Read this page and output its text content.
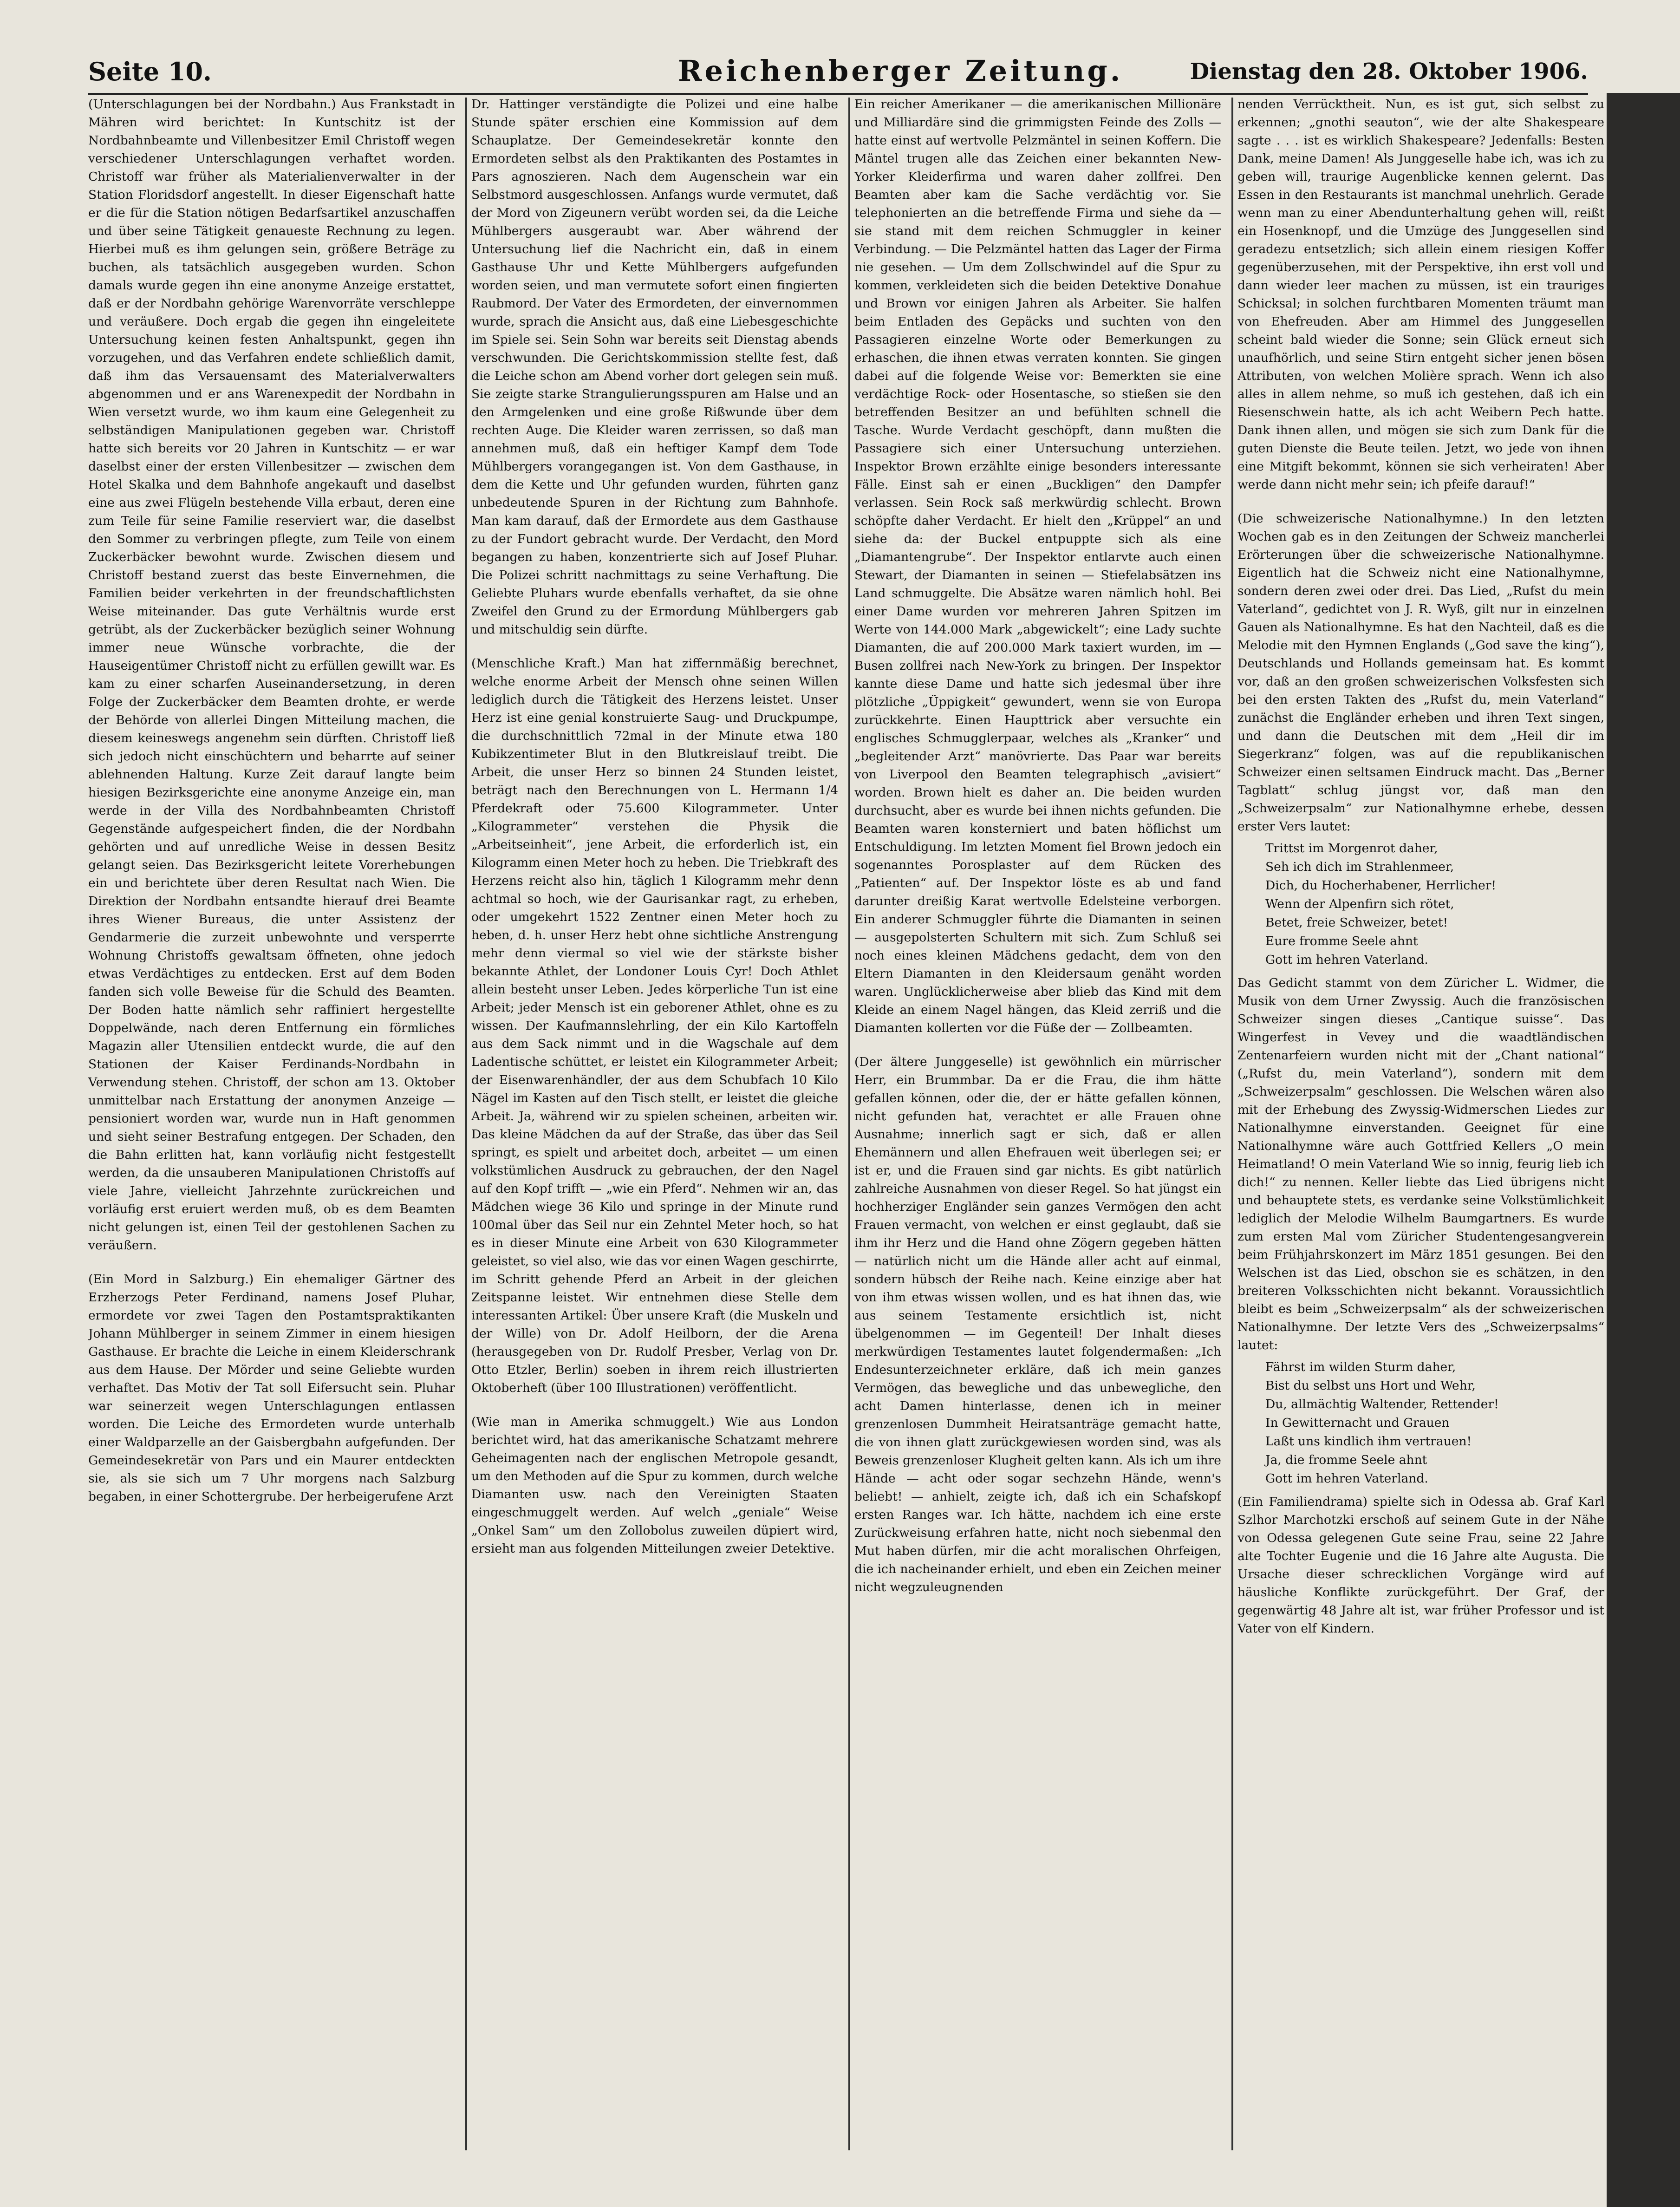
Seite 10.	Reichenberger Zeitung.	Dienstag den 28. Oktober 1906.

(Unterschlagungen bei der Nordbahn.) Aus Frankstadt in Mähren wird berichtet: In Kuntschitz ist der Nordbahnbeamte und Villenbesitzer Emil Christoff wegen verschiedener Unterschlagungen verhaftet worden. Christoff war früher als Materialienverwalter in der Station Floridsdorf angestellt. In dieser Eigenschaft hatte er die für die Station nötigen Bedarfsartikel anzuschaffen und über seine Tätigkeit genaueste Rechnung zu legen. Hierbei muß es ihm gelungen sein, größere Beträge zu buchen, als tatsächlich ausgegeben wurden. Schon damals wurde gegen ihn eine anonyme Anzeige erstattet, daß er der Nordbahn gehörige Warenvorräte verschleppe und veräußere. Doch ergab die gegen ihn eingeleitete Untersuchung keinen festen Anhaltspunkt, gegen ihn vorzugehen, und das Verfahren endete schließlich damit, daß ihm das Versauensamt des Materialverwalters abgenommen und er ans Warenexpedit der Nordbahn in Wien versetzt wurde, wo ihm kaum eine Gelegenheit zu selbständigen Manipulationen gegeben war. Christoff hatte sich bereits vor 20 Jahren in Kuntschitz — er war daselbst einer der ersten Villenbesitzer — zwischen dem Hotel Skalka und dem Bahnhofe angekauft und daselbst eine aus zwei Flügeln bestehende Villa erbaut, deren eine zum Teile für seine Familie reserviert war, die daselbst den Sommer zu verbringen pflegte, zum Teile von einem Zuckerbäcker bewohnt wurde. Zwischen diesem und Christoff bestand zuerst das beste Einvernehmen, die Familien beider verkehrten in der freundschaftlichsten Weise miteinander. Das gute Verhältnis wurde erst getrübt, als der Zuckerbäcker bezüglich seiner Wohnung immer neue Wünsche vorbrachte, die der Hauseigentümer Christoff nicht zu erfüllen gewillt war. Es kam zu einer scharfen Auseinandersetzung, in deren Folge der Zuckerbäcker dem Beamten drohte, er werde der Behörde von allerlei Dingen Mitteilung machen, die diesem keineswegs angenehm sein dürften. Christoff ließ sich jedoch nicht einschüchtern und beharrte auf seiner ablehnenden Haltung. Kurze Zeit darauf langte beim hiesigen Bezirksgerichte eine anonyme Anzeige ein, man werde in der Villa des Nordbahnbeamten Christoff Gegenstände aufgespeichert finden, die der Nordbahn gehörten und auf unredliche Weise in dessen Besitz gelangt seien. Das Bezirksgericht leitete Vorerhebungen ein und berichtete über deren Resultat nach Wien. Die Direktion der Nordbahn entsandte hierauf drei Beamte ihres Wiener Bureaus, die unter Assistenz der Gendarmerie die zurzeit unbewohnte und versperrte Wohnung Christoffs gewaltsam öffneten, ohne jedoch etwas Verdächtiges zu entdecken. Erst auf dem Boden fanden sich volle Beweise für die Schuld des Beamten. Der Boden hatte nämlich sehr raffiniert hergestellte Doppelwände, nach deren Entfernung ein förmliches Magazin aller Utensilien entdeckt wurde, die auf den Stationen der Kaiser Ferdinands-Nordbahn in Verwendung stehen. Christoff, der schon am 13. Oktober unmittelbar nach Erstattung der anonymen Anzeige — pensioniert worden war, wurde nun in Haft genommen und sieht seiner Bestrafung entgegen. Der Schaden, den die Bahn erlitten hat, kann vorläufig nicht festgestellt werden, da die unsauberen Manipulationen Christoffs auf viele Jahre, vielleicht Jahrzehnte zurückreichen und vorläufig erst eruiert werden muß, ob es dem Beamten nicht gelungen ist, einen Teil der gestohlenen Sachen zu veräußern.

(Ein Mord in Salzburg.) Ein ehemaliger Gärtner des Erzherzogs Peter Ferdinand, namens Josef Pluhar, ermordete vor zwei Tagen den Postamtspraktikanten Johann Mühlberger in seinem Zimmer in einem hiesigen Gasthause. Er brachte die Leiche in einem Kleiderschrank aus dem Hause. Der Mörder und seine Geliebte wurden verhaftet. Das Motiv der Tat soll Eifersucht sein. Pluhar war seinerzeit wegen Unterschlagungen entlassen worden. Die Leiche des Ermordeten wurde unterhalb einer Waldparzelle an der Gaisbergbahn aufgefunden. Der Gemeindesekretär von Pars und ein Maurer entdeckten sie, als sie sich um 7 Uhr morgens nach Salzburg begaben, in einer Schottergrube. Der herbeigerufene Arzt

Dr. Hattinger verständigte die Polizei und eine halbe Stunde später erschien eine Kommission auf dem Schauplatze. Der Gemeindesekretär konnte den Ermordeten selbst als den Praktikanten des Postamtes in Pars agnoszieren. Nach dem Augenschein war ein Selbstmord ausgeschlossen. Anfangs wurde vermutet, daß der Mord von Zigeunern verübt worden sei, da die Leiche Mühlbergers ausgeraubt war. Aber während der Untersuchung lief die Nachricht ein, daß in einem Gasthause Uhr und Kette Mühlbergers aufgefunden worden seien, und man vermutete sofort einen fingierten Raubmord. Der Vater des Ermordeten, der einvernommen wurde, sprach die Ansicht aus, daß eine Liebesgeschichte im Spiele sei. Sein Sohn war bereits seit Dienstag abends verschwunden. Die Gerichtskommission stellte fest, daß die Leiche schon am Abend vorher dort gelegen sein muß. Sie zeigte starke Strangulierungsspuren am Halse und an den Armgelenken und eine große Rißwunde über dem rechten Auge. Die Kleider waren zerrissen, so daß man annehmen muß, daß ein heftiger Kampf dem Tode Mühlbergers vorangegangen ist. Von dem Gasthause, in dem die Kette und Uhr gefunden wurden, führten ganz unbedeutende Spuren in der Richtung zum Bahnhofe. Man kam darauf, daß der Ermordete aus dem Gasthause zu der Fundort gebracht wurde. Der Verdacht, den Mord begangen zu haben, konzentrierte sich auf Josef Pluhar. Die Polizei schritt nachmittags zu seine Verhaftung. Die Geliebte Pluhars wurde ebenfalls verhaftet, da sie ohne Zweifel den Grund zu der Ermordung Mühlbergers gab und mitschuldig sein dürfte.

(Menschliche Kraft.) Man hat ziffernmäßig berechnet, welche enorme Arbeit der Mensch ohne seinen Willen lediglich durch die Tätigkeit des Herzens leistet. Unser Herz ist eine genial konstruierte Saug- und Druckpumpe, die durchschnittlich 72mal in der Minute etwa 180 Kubikzentimeter Blut in den Blutkreislauf treibt. Die Arbeit, die unser Herz so binnen 24 Stunden leistet, beträgt nach den Berechnungen von L. Hermann 1/4 Pferdekraft oder 75.600 Kilogrammeter. Unter „Kilogrammeter“ verstehen die Physik die „Arbeitseinheit“, jene Arbeit, die erforderlich ist, ein Kilogramm einen Meter hoch zu heben. Die Triebkraft des Herzens reicht also hin, täglich 1 Kilogramm mehr denn achtmal so hoch, wie der Gaurisankar ragt, zu erheben, oder umgekehrt 1522 Zentner einen Meter hoch zu heben, d. h. unser Herz hebt ohne sichtliche Anstrengung mehr denn viermal so viel wie der stärkste bisher bekannte Athlet, der Londoner Louis Cyr! Doch Athlet allein besteht unser Leben. Jedes körperliche Tun ist eine Arbeit; jeder Mensch ist ein geborener Athlet, ohne es zu wissen. Der Kaufmannslehrling, der ein Kilo Kartoffeln aus dem Sack nimmt und in die Wagschale auf dem Ladentische schüttet, er leistet ein Kilogrammeter Arbeit; der Eisenwarenhändler, der aus dem Schubfach 10 Kilo Nägel im Kasten auf den Tisch stellt, er leistet die gleiche Arbeit. Ja, während wir zu spielen scheinen, arbeiten wir. Das kleine Mädchen da auf der Straße, das über das Seil springt, es spielt und arbeitet doch, arbeitet — um einen volkstümlichen Ausdruck zu gebrauchen, der den Nagel auf den Kopf trifft — „wie ein Pferd“. Nehmen wir an, das Mädchen wiege 36 Kilo und springe in der Minute rund 100mal über das Seil nur ein Zehntel Meter hoch, so hat es in dieser Minute eine Arbeit von 630 Kilogrammeter geleistet, so viel also, wie das vor einen Wagen geschirrte, im Schritt gehende Pferd an Arbeit in der gleichen Zeitspanne leistet. Wir entnehmen diese Stelle dem interessanten Artikel: Über unsere Kraft (die Muskeln und der Wille) von Dr. Adolf Heilborn, der die Arena (herausgegeben von Dr. Rudolf Presber, Verlag von Dr. Otto Etzler, Berlin) soeben in ihrem reich illustrierten Oktoberheft (über 100 Illustrationen) veröffentlicht.

(Wie man in Amerika schmuggelt.) Wie aus London berichtet wird, hat das amerikanische Schatzamt mehrere Geheimagenten nach der englischen Metropole gesandt, um den Methoden auf die Spur zu kommen, durch welche Diamanten usw. nach den Vereinigten Staaten eingeschmuggelt werden. Auf welch „geniale“ Weise „Onkel Sam“ um den Zollobolus zuweilen düpiert wird, ersieht man aus folgenden Mitteilungen zweier Detektive.

Ein reicher Amerikaner — die amerikanischen Millionäre und Milliardäre sind die grimmigsten Feinde des Zolls — hatte einst auf wertvolle Pelzmäntel in seinen Koffern. Die Mäntel trugen alle das Zeichen einer bekannten New-Yorker Kleiderfirma und waren daher zollfrei. Den Beamten aber kam die Sache verdächtig vor. Sie telephonierten an die betreffende Firma und siehe da — sie stand mit dem reichen Schmuggler in keiner Verbindung. — Die Pelzmäntel hatten das Lager der Firma nie gesehen. — Um dem Zollschwindel auf die Spur zu kommen, verkleideten sich die beiden Detektive Donahue und Brown vor einigen Jahren als Arbeiter. Sie halfen beim Entladen des Gepäcks und suchten von den Passagieren einzelne Worte oder Bemerkungen zu erhaschen, die ihnen etwas verraten konnten. Sie gingen dabei auf die folgende Weise vor: Bemerkten sie eine verdächtige Rock- oder Hosentasche, so stießen sie den betreffenden Besitzer an und befühlten schnell die Tasche. Wurde Verdacht geschöpft, dann mußten die Passagiere sich einer Untersuchung unterziehen. Inspektor Brown erzählte einige besonders interessante Fälle. Einst sah er einen „Buckligen“ den Dampfer verlassen. Sein Rock saß merkwürdig schlecht. Brown schöpfte daher Verdacht. Er hielt den „Krüppel“ an und siehe da: der Buckel entpuppte sich als eine „Diamantengrube“. Der Inspektor entlarvte auch einen Stewart, der Diamanten in seinen — Stiefelabsätzen ins Land schmuggelte. Die Absätze waren nämlich hohl. Bei einer Dame wurden vor mehreren Jahren Spitzen im Werte von 144.000 Mark „abgewickelt“; eine Lady suchte Diamanten, die auf 200.000 Mark taxiert wurden, im — Busen zollfrei nach New-York zu bringen. Der Inspektor kannte diese Dame und hatte sich jedesmal über ihre plötzliche „Üppigkeit“ gewundert, wenn sie von Europa zurückkehrte. Einen Haupttrick aber versuchte ein englisches Schmugglerpaar, welches als „Kranker“ und „begleitender Arzt“ manövrierte. Das Paar war bereits von Liverpool den Beamten telegraphisch „avisiert“ worden. Brown hielt es daher an. Die beiden wurden durchsucht, aber es wurde bei ihnen nichts gefunden. Die Beamten waren konsterniert und baten höflichst um Entschuldigung. Im letzten Moment fiel Brown jedoch ein sogenanntes Porosplaster auf dem Rücken des „Patienten“ auf. Der Inspektor löste es ab und fand darunter dreißig Karat wertvolle Edelsteine verborgen. Ein anderer Schmuggler führte die Diamanten in seinen — ausgepolsterten Schultern mit sich. Zum Schluß sei noch eines kleinen Mädchens gedacht, dem von den Eltern Diamanten in den Kleidersaum genäht worden waren. Unglücklicherweise aber blieb das Kind mit dem Kleide an einem Nagel hängen, das Kleid zerriß und die Diamanten kollerten vor die Füße der — Zollbeamten.

(Der ältere Junggeselle) ist gewöhnlich ein mürrischer Herr, ein Brummbar. Da er die Frau, die ihm hätte gefallen können, oder die, der er hätte gefallen können, nicht gefunden hat, verachtet er alle Frauen ohne Ausnahme; innerlich sagt er sich, daß er allen Ehemännern und allen Ehefrauen weit überlegen sei; er ist er, und die Frauen sind gar nichts. Es gibt natürlich zahlreiche Ausnahmen von dieser Regel. So hat jüngst ein hochherziger Engländer sein ganzes Vermögen den acht Frauen vermacht, von welchen er einst geglaubt, daß sie ihm ihr Herz und die Hand ohne Zögern gegeben hätten — natürlich nicht um die Hände aller acht auf einmal, sondern hübsch der Reihe nach. Keine einzige aber hat von ihm etwas wissen wollen, und es hat ihnen das, wie aus seinem Testamente ersichtlich ist, nicht übelgenommen — im Gegenteil! Der Inhalt dieses merkwürdigen Testamentes lautet folgendermaßen: „Ich Endesunterzeichneter erkläre, daß ich mein ganzes Vermögen, das bewegliche und das unbewegliche, den acht Damen hinterlasse, denen ich in meiner grenzenlosen Dummheit Heiratsanträge gemacht hatte, die von ihnen glatt zurückgewiesen worden sind, was als Beweis grenzenloser Klugheit gelten kann. Als ich um ihre Hände — acht oder sogar sechzehn Hände, wenn's beliebt! — anhielt, zeigte ich, daß ich ein Schafskopf ersten Ranges war. Ich hätte, nachdem ich eine erste Zurückweisung erfahren hatte, nicht noch siebenmal den Mut haben dürfen, mir die acht moralischen Ohrfeigen, die ich nacheinander erhielt, und eben ein Zeichen meiner nicht wegzuleugnenden

nenden Verrücktheit. Nun, es ist gut, sich selbst zu erkennen; „gnothi seauton“, wie der alte Shakespeare sagte . . . ist es wirklich Shakespeare? Jedenfalls: Besten Dank, meine Damen! Als Junggeselle habe ich, was ich zu geben will, traurige Augenblicke kennen gelernt. Das Essen in den Restaurants ist manchmal unehrlich. Gerade wenn man zu einer Abendunterhaltung gehen will, reißt ein Hosenknopf, und die Umzüge des Junggesellen sind geradezu entsetzlich; sich allein einem riesigen Koffer gegenüberzusehen, mit der Perspektive, ihn erst voll und dann wieder leer machen zu müssen, ist ein trauriges Schicksal; in solchen furchtbaren Momenten träumt man von Ehefreuden. Aber am Himmel des Junggesellen scheint bald wieder die Sonne; sein Glück erneut sich unaufhörlich, und seine Stirn entgeht sicher jenen bösen Attributen, von welchen Molière sprach. Wenn ich also alles in allem nehme, so muß ich gestehen, daß ich ein Riesenschwein hatte, als ich acht Weibern Pech hatte. Dank ihnen allen, und mögen sie sich zum Dank für die guten Dienste die Beute teilen. Jetzt, wo jede von ihnen eine Mitgift bekommt, können sie sich verheiraten! Aber werde dann nicht mehr sein; ich pfeife darauf!“

(Die schweizerische Nationalhymne.) In den letzten Wochen gab es in den Zeitungen der Schweiz mancherlei Erörterungen über die schweizerische Nationalhymne. Eigentlich hat die Schweiz nicht eine Nationalhymne, sondern deren zwei oder drei. Das Lied, „Rufst du mein Vaterland“, gedichtet von J. R. Wyß, gilt nur in einzelnen Gauen als Nationalhymne. Es hat den Nachteil, daß es die Melodie mit den Hymnen Englands („God save the king“), Deutschlands und Hollands gemeinsam hat. Es kommt vor, daß an den großen schweizerischen Volksfesten sich bei den ersten Takten des „Rufst du, mein Vaterland“ zunächst die Engländer erheben und ihren Text singen, und dann die Deutschen mit dem „Heil dir im Siegerkranz“ folgen, was auf die republikanischen Schweizer einen seltsamen Eindruck macht. Das „Berner Tagblatt“ schlug jüngst vor, daß man den „Schweizerpsalm“ zur Nationalhymne erhebe, dessen erster Vers lautet:

Trittst im Morgenrot daher,
Seh ich dich im Strahlenmeer,
Dich, du Hocherhabener, Herrlicher!
Wenn der Alpenfirn sich rötet,
Betet, freie Schweizer, betet!
Eure fromme Seele ahnt
Gott im hehren Vaterland.

Das Gedicht stammt von dem Züricher L. Widmer, die Musik von dem Urner Zwyssig. Auch die französischen Schweizer singen dieses „Cantique suisse“. Das Wingerfest in Vevey und die waadtländischen Zentenarfeiern wurden nicht mit der „Chant national“ („Rufst du, mein Vaterland“), sondern mit dem „Schweizerpsalm“ geschlossen. Die Welschen wären also mit der Erhebung des Zwyssig-Widmerschen Liedes zur Nationalhymne einverstanden. Geeignet für eine Nationalhymne wäre auch Gottfried Kellers „O mein Heimatland! O mein Vaterland Wie so innig, feurig lieb ich dich!“ zu nennen. Keller liebte das Lied übrigens nicht und behauptete stets, es verdanke seine Volkstümlichkeit lediglich der Melodie Wilhelm Baumgartners. Es wurde zum ersten Mal vom Züricher Studentengesangverein beim Frühjahrskonzert im März 1851 gesungen. Bei den Welschen ist das Lied, obschon sie es schätzen, in den breiteren Volksschichten nicht bekannt. Voraussichtlich bleibt es beim „Schweizerpsalm“ als der schweizerischen Nationalhymne. Der letzte Vers des „Schweizerpsalms“ lautet:

Fährst im wilden Sturm daher,
Bist du selbst uns Hort und Wehr,
Du, allmächtig Waltender, Rettender!
In Gewitternacht und Grauen
Laßt uns kindlich ihm vertrauen!
Ja, die fromme Seele ahnt
Gott im hehren Vaterland.

(Ein Familiendrama) spielte sich in Odessa ab. Graf Karl Szlhor Marchotzki erschoß auf seinem Gute in der Nähe von Odessa gelegenen Gute seine Frau, seine 22 Jahre alte Tochter Eugenie und die 16 Jahre alte Augusta. Die Ursache dieser schrecklichen Vorgänge wird auf häusliche Konflikte zurückgeführt. Der Graf, der gegenwärtig 48 Jahre alt ist, war früher Professor und ist Vater von elf Kindern.
